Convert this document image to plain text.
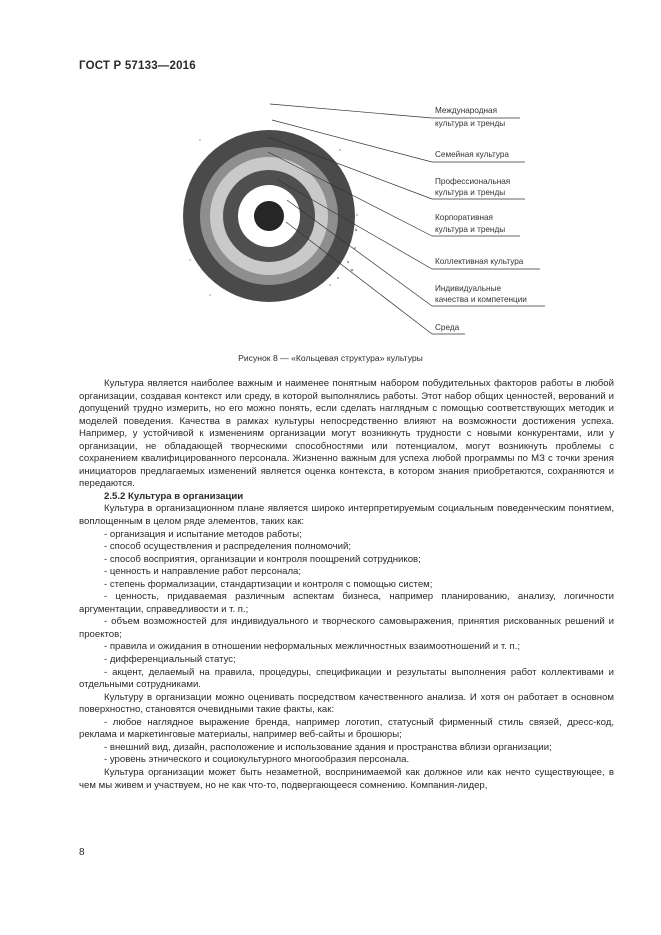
ГОСТ Р 57133—2016
Международная
культура и тренды
Семейная культура
Профессиональная
культура и тренды
Корпоративная
культура и тренды
Коллективная культура
Индивидуальные
качества и компетенции
Среда
Рисунок 8 — «Кольцевая структура» культуры

Культура является наиболее важным и наименее понятным набором побудительных факторов работы в любой организации, создавая контекст или среду, в которой выполнялись работы. Этот набор общих ценностей, верований и допущений трудно измерить, но его можно понять, если сделать наглядным с помощью соответствующих методик и моделей поведения. Качества в рамках культуры непосредственно влияют на возможности достижения успеха. Например, у устойчивой к изменениям организации могут возникнуть трудности с новыми конкурентами, или у организации, не обладающей творческими способностями или потенциалом, могут возникнуть проблемы с сохранением квалифицированного персонала. Жизненно важным для успеха любой программы по МЗ с точки зрения инициаторов предлагаемых изменений является оценка контекста, в котором знания приобретаются, сохраняются и передаются.

2.5.2 Культура в организации

Культура в организационном плане является широко интерпретируемым социальным поведенческим понятием, воплощенным в целом ряде элементов, таких как:

- организация и испытание методов работы;
- способ осуществления и распределения полномочий;
- способ восприятия, организации и контроля поощрений сотрудников;
- ценность и направление работ персонала;
- степень формализации, стандартизации и контроля с помощью систем;
- ценность, придаваемая различным аспектам бизнеса, например планированию, анализу, логичности аргументации, справедливости и т. п.;
- объем возможностей для индивидуального и творческого самовыражения, принятия рискованных решений и проектов;
- правила и ожидания в отношении неформальных межличностных взаимоотношений и т. п.;
- дифференциальный статус;
- акцент, делаемый на правила, процедуры, спецификации и результаты выполнения работ коллективами и отдельными сотрудниками.

Культуру в организации можно оценивать посредством качественного анализа. И хотя он работает в основном поверхностно, становятся очевидными такие факты, как:

- любое наглядное выражение бренда, например логотип, статусный фирменный стиль связей, дресс-код, реклама и маркетинговые материалы, например веб-сайты и брошюры;
- внешний вид, дизайн, расположение и использование здания и пространства вблизи организации;
- уровень этнического и социокультурного многообразия персонала.

Культура организации может быть незаметной, воспринимаемой как должное или как нечто существующее, в чем мы живем и участвуем, но не как что-то, подвергающееся сомнению. Компания-лидер,

8
